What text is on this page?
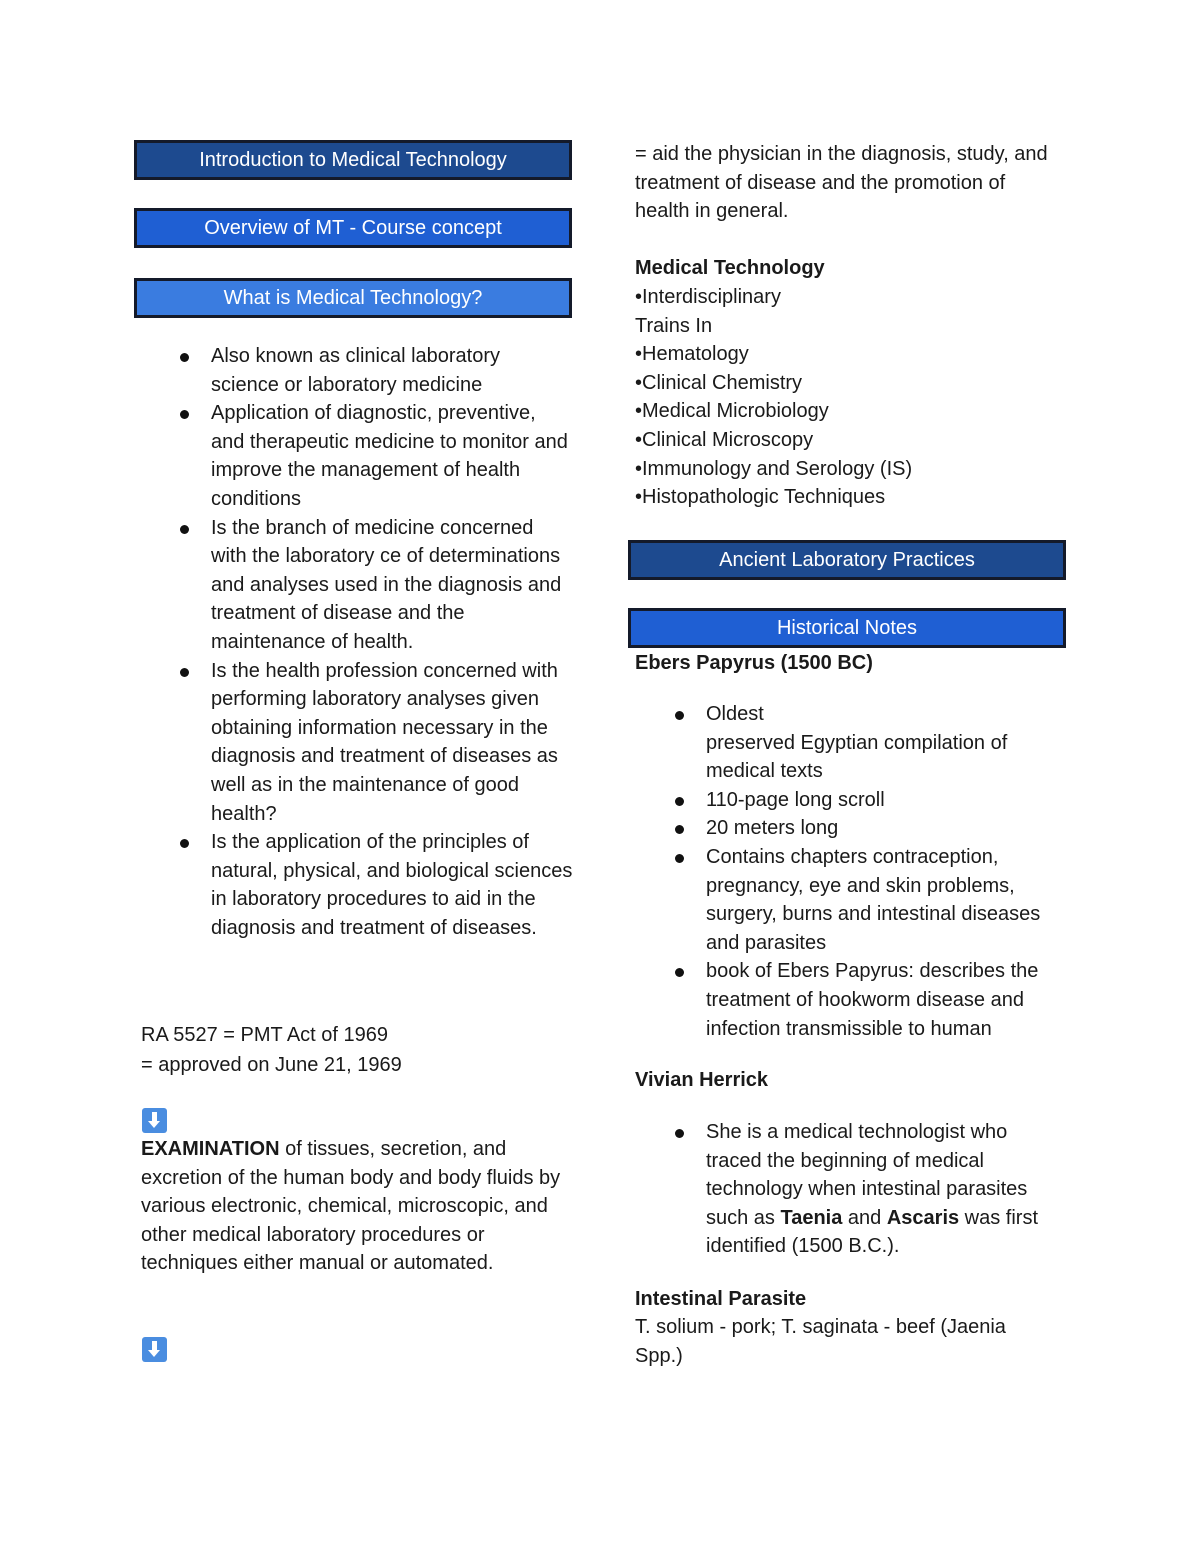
Introduction to Medical Technology
Overview of MT - Course concept
What is Medical Technology?
Also known as clinical laboratory science or laboratory medicine
Application of diagnostic, preventive, and therapeutic medicine to monitor and improve the management of health conditions
Is the branch of medicine concerned with the laboratory ce of determinations and analyses used in the diagnosis and treatment of disease and the maintenance of health.
Is the health profession concerned with performing laboratory analyses given obtaining information necessary in the diagnosis and treatment of diseases as well as in the maintenance of good health?
Is the application of the principles of natural, physical, and biological sciences in laboratory procedures to aid in the diagnosis and treatment of diseases.
RA 5527 = PMT Act of 1969
= approved on June 21, 1969
EXAMINATION of tissues, secretion, and excretion of the human body and body fluids by various electronic, chemical, microscopic, and other medical laboratory procedures or techniques either manual or automated.
= aid the physician in the diagnosis, study, and treatment of disease and the promotion of health in general.
Medical Technology
•Interdisciplinary
Trains In
•Hematology
•Clinical Chemistry
•Medical Microbiology
•Clinical Microscopy
•Immunology and Serology (IS)
•Histopathologic Techniques
Ancient Laboratory Practices
Historical Notes
Ebers Papyrus (1500 BC)
Oldest
preserved Egyptian compilation of medical texts
110-page long scroll
20 meters long
Contains chapters contraception, pregnancy, eye and skin problems, surgery, burns and intestinal diseases and parasites
book of Ebers Papyrus: describes the treatment of hookworm disease and infection transmissible to human
Vivian Herrick
She is a medical technologist who traced the beginning of medical technology when intestinal parasites such as Taenia and Ascaris was first identified (1500 B.C.).
Intestinal Parasite
T. solium - pork; T. saginata - beef (Jaenia Spp.)
